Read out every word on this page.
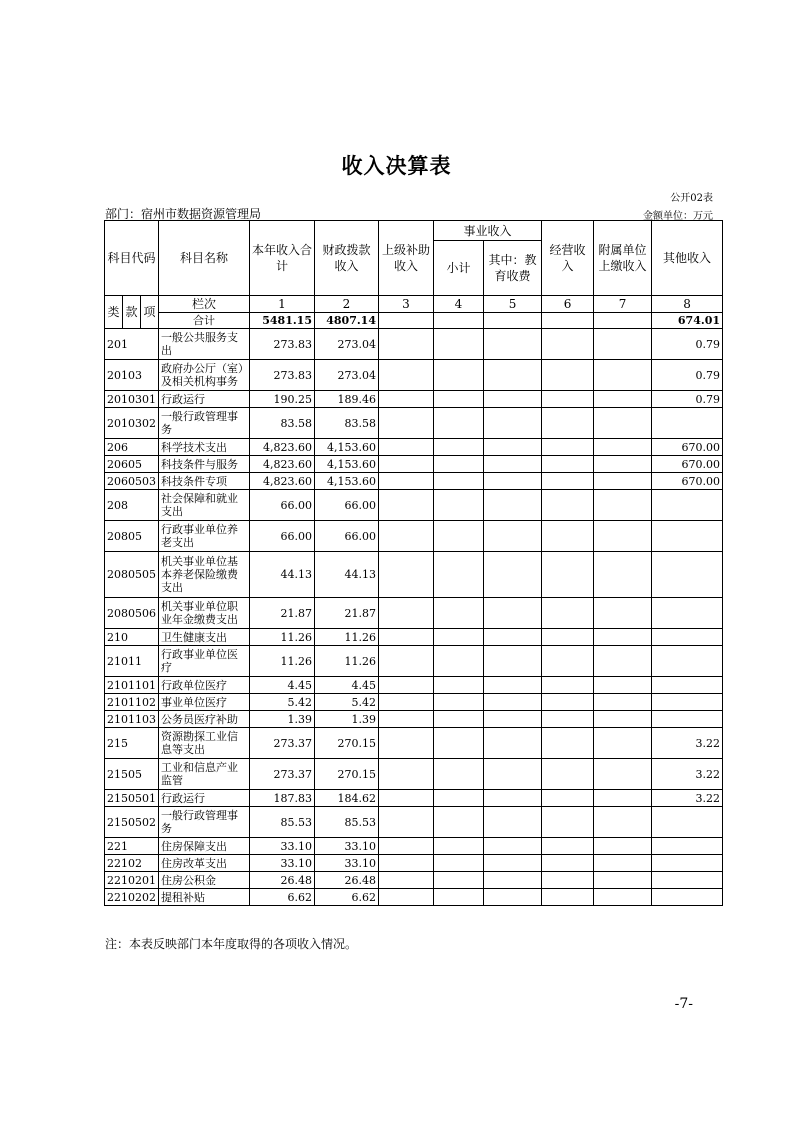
收入决算表
公开02表
部门：宿州市数据资源管理局	金额单位：万元
科目代码			科目名称	本年收入合计	财政拨款收入	上级补助收入	事业收入		经营收入	附属单位上缴收入	其他收入
							小计	其中：教育收费			
类	款	项	栏次	1	2	3	4	5	6	7	8
			合计	5481.15	4807.14						674.01
201			一般公共服务支出	273.83	273.04						0.79
20103			政府办公厅（室）及相关机构事务	273.83	273.04						0.79
2010301			行政运行	190.25	189.46						0.79
2010302			一般行政管理事务	83.58	83.58						
206			科学技术支出	4,823.60	4,153.60						670.00
20605			科技条件与服务	4,823.60	4,153.60						670.00
2060503			科技条件专项	4,823.60	4,153.60						670.00
208			社会保障和就业支出	66.00	66.00						
20805			行政事业单位养老支出	66.00	66.00						
2080505			机关事业单位基本养老保险缴费支出	44.13	44.13						
2080506			机关事业单位职业年金缴费支出	21.87	21.87						
210			卫生健康支出	11.26	11.26						
21011			行政事业单位医疗	11.26	11.26						
2101101			行政单位医疗	4.45	4.45						
2101102			事业单位医疗	5.42	5.42						
2101103			公务员医疗补助	1.39	1.39						
215			资源勘探工业信息等支出	273.37	270.15						3.22
21505			工业和信息产业监管	273.37	270.15						3.22
2150501			行政运行	187.83	184.62						3.22
2150502			一般行政管理事务	85.53	85.53						
221			住房保障支出	33.10	33.10						
22102			住房改革支出	33.10	33.10						
2210201			住房公积金	26.48	26.48						
2210202			提租补贴	6.62	6.62						
注：本表反映部门本年度取得的各项收入情况。
-7-
